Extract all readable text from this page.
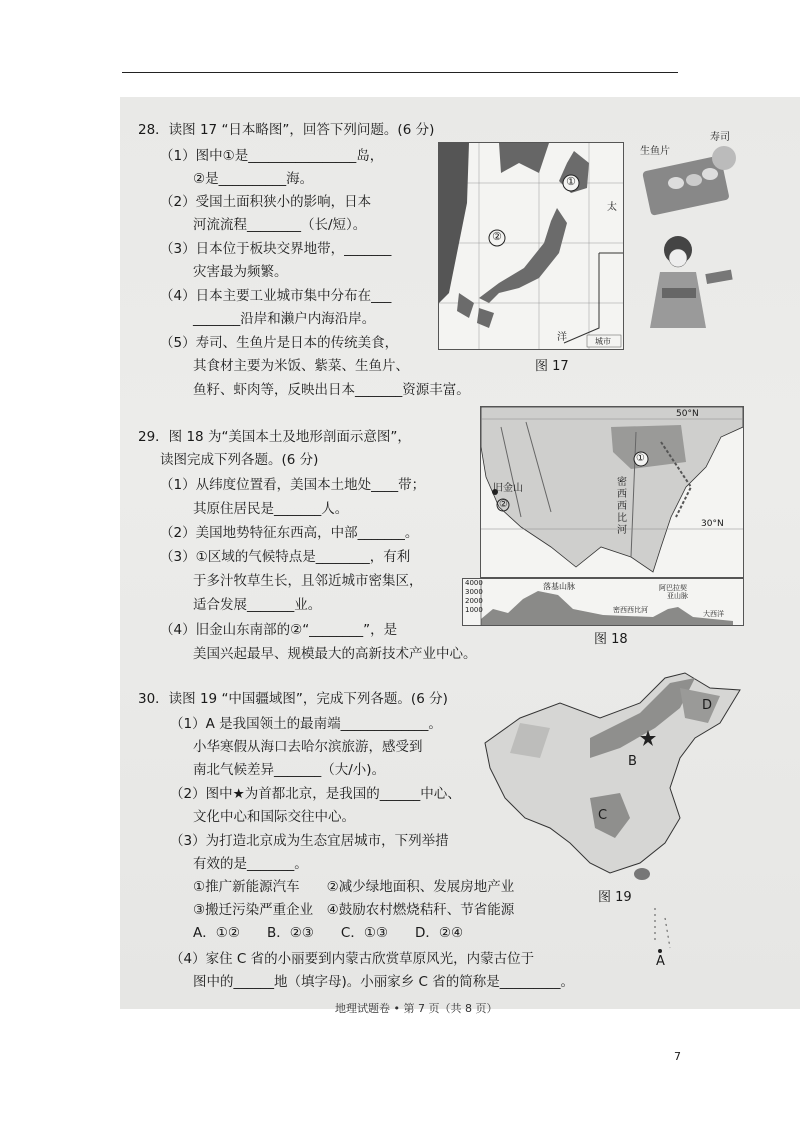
28．读图 17 “日本略图”，回答下列问题。(6 分)
（1）图中①是________________岛，
②是__________海。
（2）受国土面积狭小的影响，日本
河流流程________（长/短）。
（3）日本位于板块交界地带，_______
灾害最为频繁。
（4）日本主要工业城市集中分布在___
_______沿岸和濑户内海沿岸。
（5）寿司、生鱼片是日本的传统美食，
其食材主要为米饭、紫菜、生鱼片、
鱼籽、虾肉等，反映出日本_______资源丰富。
①
②
太
洋	城市
图 17
生鱼片
寿司
29．图 18 为“美国本土及地形剖面示意图”，
读图完成下列各题。(6 分)
（1）从纬度位置看，美国本土地处____带；
其原住居民是_______人。
（2）美国地势特征东西高，中部_______。
（3）①区域的气候特点是________，有利
于多汁牧草生长，且邻近城市密集区，
适合发展_______业。
（4）旧金山东南部的②“________”，是
美国兴起最早、规模最大的高新技术产业中心。
旧金山
密西西比河
①
②
50°N
30°N
4000
3000
2000
1000
落基山脉	阿巴拉契
亚山脉
密西西比河	大西洋
图 18
30．读图 19 “中国疆域图”，完成下列各题。(6 分)
（1）A 是我国领土的最南端_____________。
小华寒假从海口去哈尔滨旅游，感受到
南北气候差异_______（大/小)。
（2）图中★为首都北京，是我国的______中心、
文化中心和国际交往中心。
（3）为打造北京成为生态宜居城市，下列举措
有效的是_______。
①推广新能源汽车　　②减少绿地面积、发展房地产业
③搬迁污染严重企业　④鼓励农村燃烧秸秆、节省能源
A．①②　　B．②③　　C．①③　　D．②④
（4）家住 C 省的小丽要到内蒙古欣赏草原风光，内蒙古位于
图中的______地（填字母)。小丽家乡 C 省的简称是_________。
A
B
C
D
图 19
地理试题卷 • 第 7 页（共 8 页）
7
